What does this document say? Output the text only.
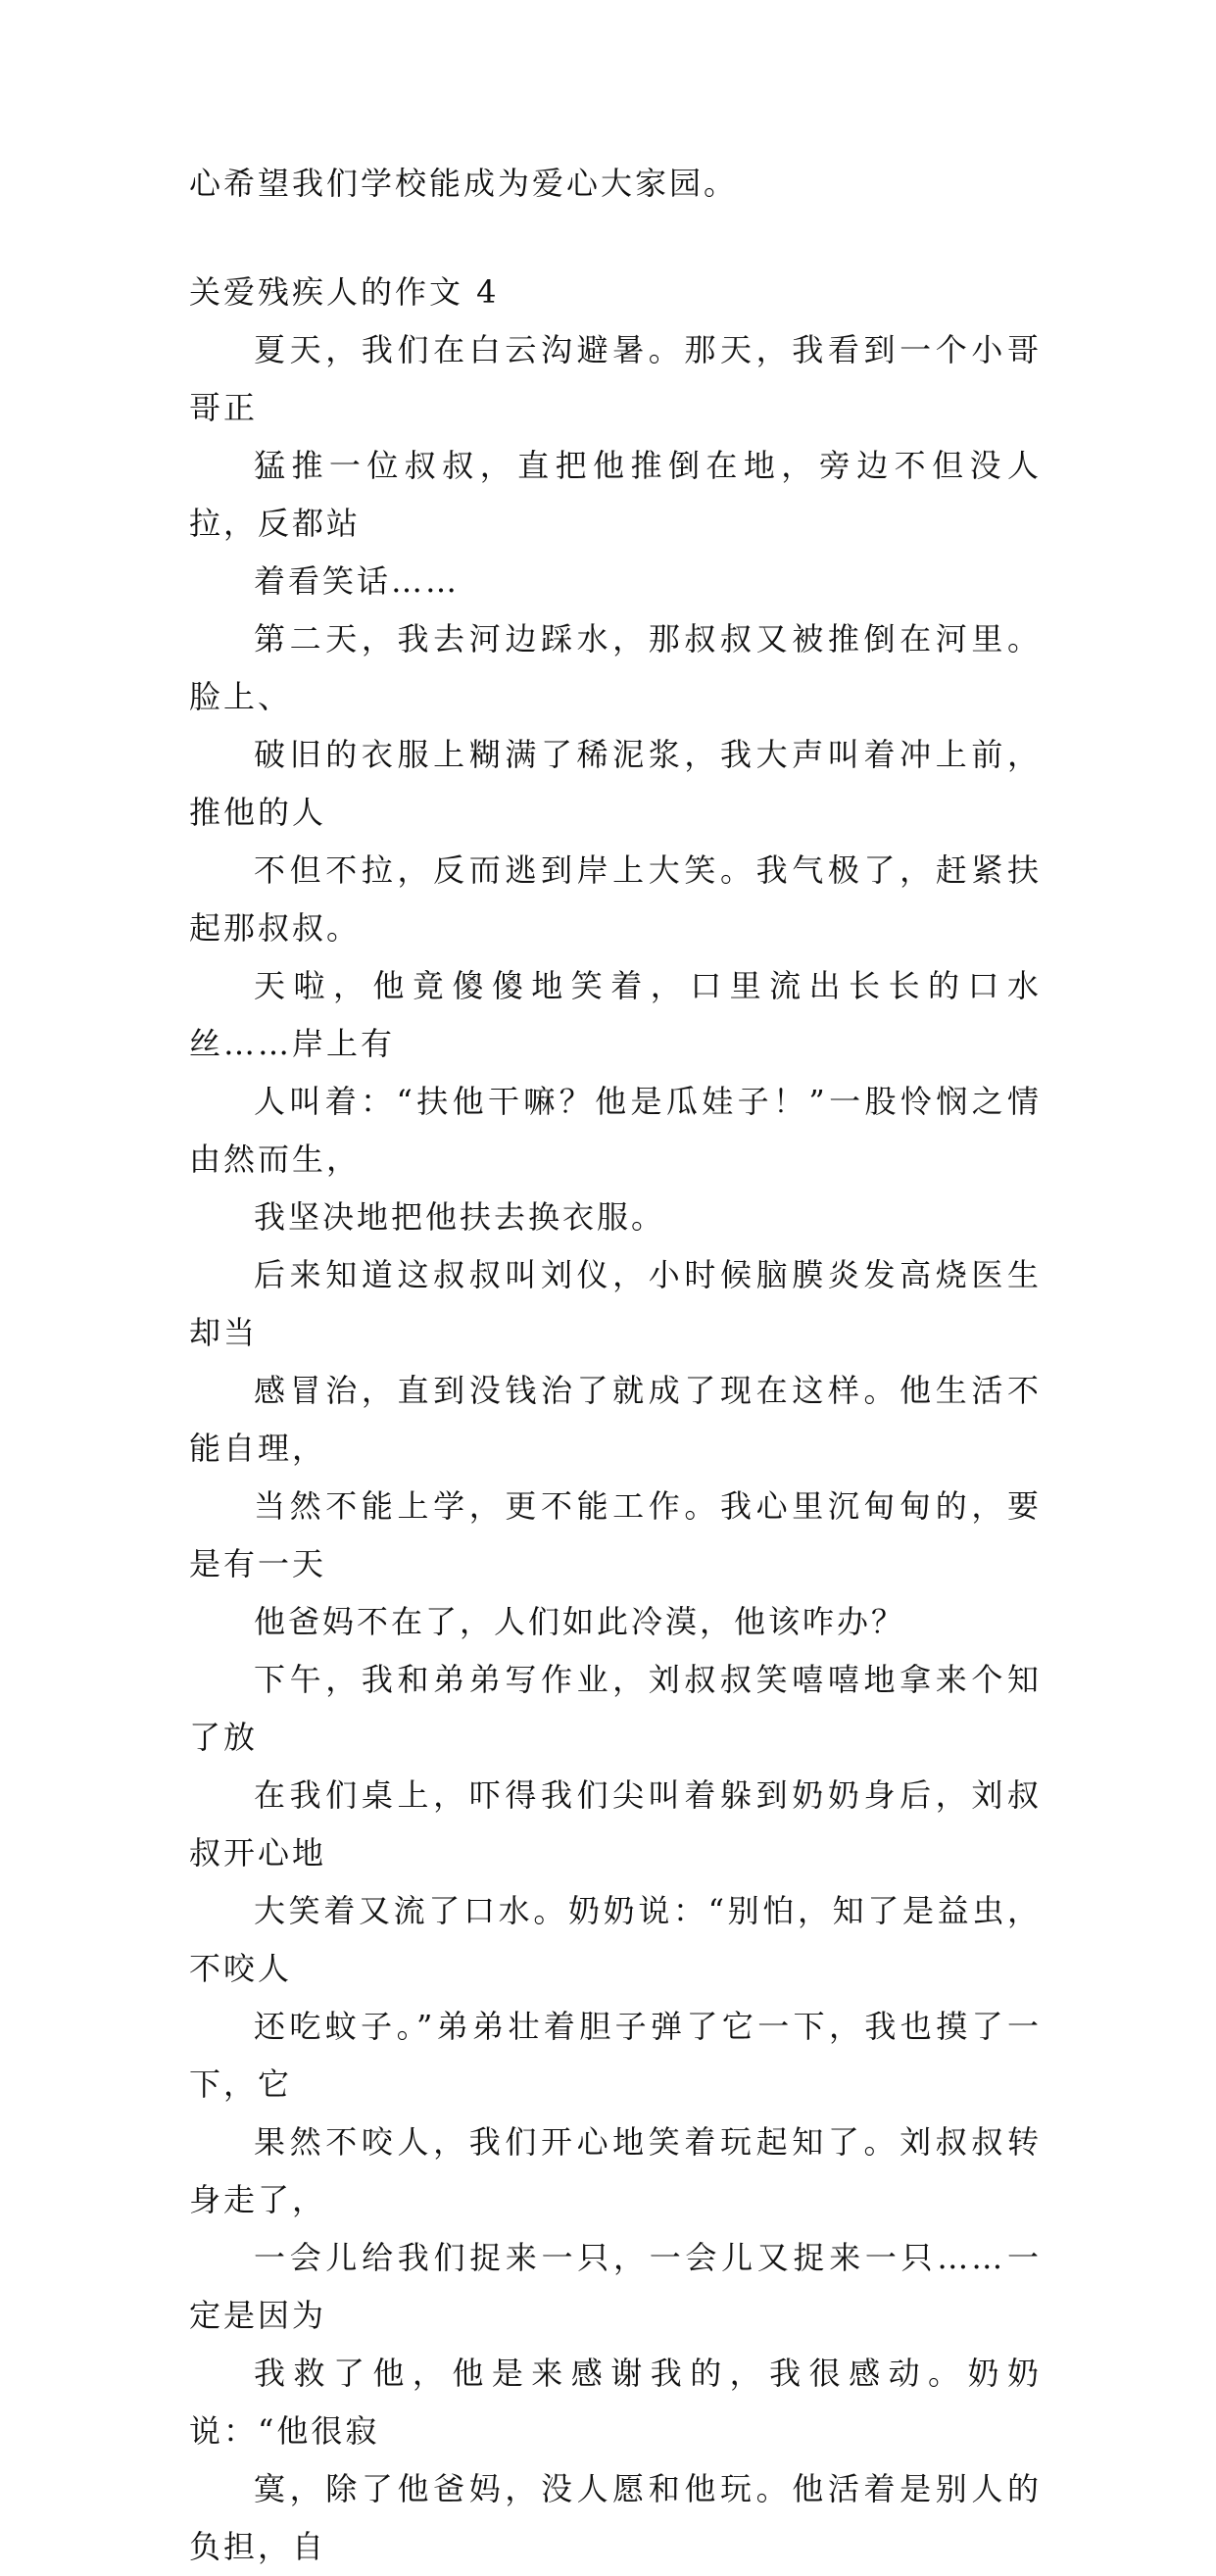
心希望我们学校能成为爱心大家园。

关爱残疾人的作文 4

夏天，我们在白云沟避暑。那天，我看到一个小哥哥正
猛推一位叔叔，直把他推倒在地，旁边不但没人拉，反都站
着看笑话……

第二天，我去河边踩水，那叔叔又被推倒在河里。脸上、
破旧的衣服上糊满了稀泥浆，我大声叫着冲上前，推他的人
不但不拉，反而逃到岸上大笑。我气极了，赶紧扶起那叔叔。
天啦，他竟傻傻地笑着，口里流出长长的口水丝……岸上有
人叫着：“扶他干嘛？他是瓜娃子！”一股怜悯之情由然而生，
我坚决地把他扶去换衣服。

后来知道这叔叔叫刘仪，小时候脑膜炎发高烧医生却当
感冒治，直到没钱治了就成了现在这样。他生活不能自理，
当然不能上学，更不能工作。我心里沉甸甸的，要是有一天
他爸妈不在了，人们如此冷漠，他该咋办？

下午，我和弟弟写作业，刘叔叔笑嘻嘻地拿来个知了放
在我们桌上，吓得我们尖叫着躲到奶奶身后，刘叔叔开心地
大笑着又流了口水。奶奶说：“别怕，知了是益虫，不咬人
还吃蚊子。”弟弟壮着胆子弹了它一下，我也摸了一下，它
果然不咬人，我们开心地笑着玩起知了。刘叔叔转身走了，
一会儿给我们捉来一只，一会儿又捉来一只……一定是因为
我救了他，他是来感谢我的，我很感动。奶奶说：“他很寂
寞，除了他爸妈，没人愿和他玩。他活着是别人的负担，自
